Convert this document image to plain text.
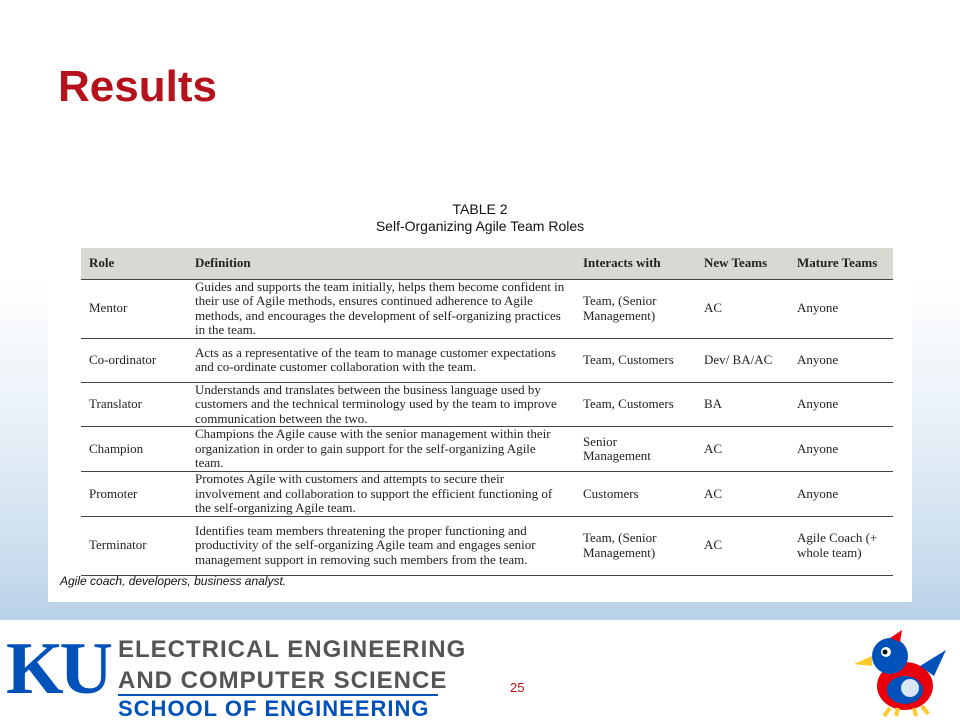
Results
TABLE 2
Self-Organizing Agile Team Roles
Role	Definition	Interacts with	New Teams	Mature Teams
Mentor	Guides and supports the team initially, helps them become confident in their use of Agile methods, ensures continued adherence to Agile methods, and encourages the development of self-organizing practices in the team.	Team, (Senior Management)	AC	Anyone
Co-ordinator	Acts as a representative of the team to manage customer expectations and co-ordinate customer collaboration with the team.	Team, Customers	Dev/ BA/AC	Anyone
Translator	Understands and translates between the business language used by customers and the technical terminology used by the team to improve communication between the two.	Team, Customers	BA	Anyone
Champion	Champions the Agile cause with the senior management within their organization in order to gain support for the self-organizing Agile team.	Senior Management	AC	Anyone
Promoter	Promotes Agile with customers and attempts to secure their involvement and collaboration to support the efficient functioning of the self-organizing Agile team.	Customers	AC	Anyone
Terminator	Identifies team members threatening the proper functioning and productivity of the self-organizing Agile team and engages senior management support in removing such members from the team.	Team, (Senior Management)	AC	Agile Coach (+ whole team)
Agile coach, developers, business analyst.
KU ELECTRICAL ENGINEERING
AND COMPUTER SCIENCE
SCHOOL OF ENGINEERING
25
